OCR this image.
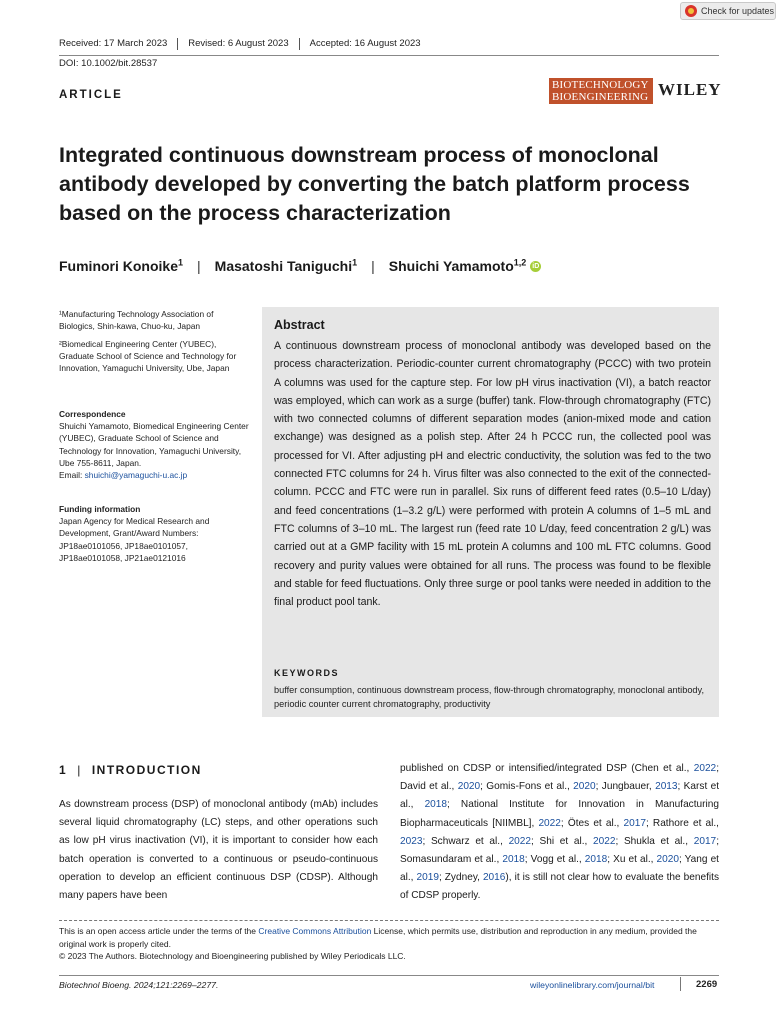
Check for updates
Received: 17 March 2023	Revised: 6 August 2023	Accepted: 16 August 2023
DOI: 10.1002/bit.28537
ARTICLE
BIOTECHNOLOGY
BIOENGINEERING WILEY
Integrated continuous downstream process of monoclonal antibody developed by converting the batch platform process based on the process characterization
Fuminori Konoike$^1$ | Masatoshi Taniguchi$^1$ | Shuichi Yamamoto$^{1,2}$ iD
¹Manufacturing Technology Association of Biologics, Shin-kawa, Chuo-ku, Japan
²Biomedical Engineering Center (YUBEC), Graduate School of Science and Technology for Innovation, Yamaguchi University, Ube, Japan
Correspondence
Shuichi Yamamoto, Biomedical Engineering Center (YUBEC), Graduate School of Science and Technology for Innovation, Yamaguchi University, Ube 755-8611, Japan.
Email: shuichi@yamaguchi-u.ac.jp
Funding information
Japan Agency for Medical Research and Development, Grant/Award Numbers: JP18ae0101056, JP18ae0101057, JP18ae0101058, JP21ae0121016
Abstract
A continuous downstream process of monoclonal antibody was developed based on the process characterization. Periodic-counter current chromatography (PCCC) with two protein A columns was used for the capture step. For low pH virus inactivation (VI), a batch reactor was employed, which can work as a surge (buffer) tank. Flow-through chromatography (FTC) with two connected columns of different separation modes (anion-mixed mode and cation exchange) was designed as a polish step. After 24 h PCCC run, the collected pool was processed for VI. After adjusting pH and electric conductivity, the solution was fed to the two connected FTC columns for 24 h. Virus filter was also connected to the exit of the connected-column. PCCC and FTC were run in parallel. Six runs of different feed rates (0.5–10 L/day) and feed concentrations (1–3.2 g/L) were performed with protein A columns of 1–5 mL and FTC columns of 3–10 mL. The largest run (feed rate 10 L/day, feed concentration 2 g/L) was carried out at a GMP facility with 15 mL protein A columns and 100 mL FTC columns. Good recovery and purity values were obtained for all runs. The process was found to be flexible and stable for feed fluctuations. Only three surge or pool tanks were needed in addition to the final product pool tank.
KEYWORDS
buffer consumption, continuous downstream process, flow-through chromatography, monoclonal antibody, periodic counter current chromatography, productivity
1 | INTRODUCTION
As downstream process (DSP) of monoclonal antibody (mAb) includes several liquid chromatography (LC) steps, and other operations such as low pH virus inactivation (VI), it is important to consider how each batch operation is converted to a continuous or pseudo-continuous operation to develop an efficient continuous DSP (CDSP). Although many papers have been
published on CDSP or intensified/integrated DSP (Chen et al., 2022; David et al., 2020; Gomis-Fons et al., 2020; Jungbauer, 2013; Karst et al., 2018; National Institute for Innovation in Manufacturing Biopharmaceuticals [NIIMBL], 2022; Ötes et al., 2017; Rathore et al., 2023; Schwarz et al., 2022; Shi et al., 2022; Shukla et al., 2017; Somasundaram et al., 2018; Vogg et al., 2018; Xu et al., 2020; Yang et al., 2019; Zydney, 2016), it is still not clear how to evaluate the benefits of CDSP properly.
This is an open access article under the terms of the Creative Commons Attribution License, which permits use, distribution and reproduction in any medium, provided the original work is properly cited.
© 2023 The Authors. Biotechnology and Bioengineering published by Wiley Periodicals LLC.
Biotechnol Bioeng. 2024;121:2269–2277.	wileyonlinelibrary.com/journal/bit	2269
